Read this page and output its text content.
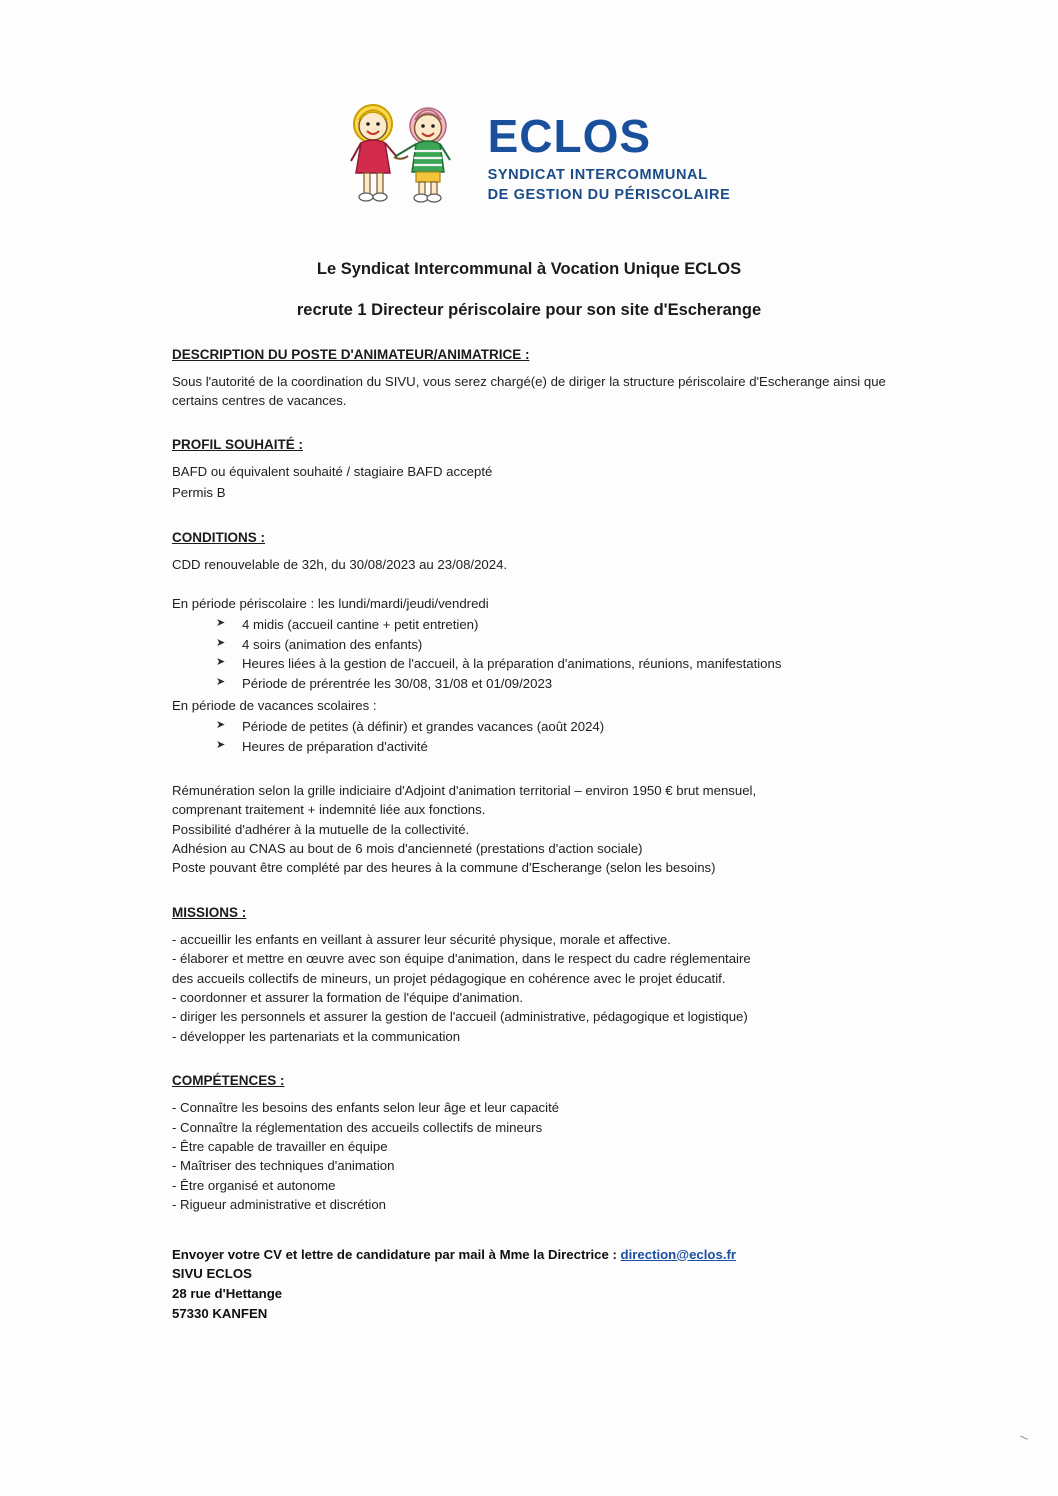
ECLOS
SYNDICAT INTERCOMMUNAL
DE GESTION DU PÉRISCOLAIRE
Le Syndicat Intercommunal à Vocation Unique ECLOS
recrute 1 Directeur périscolaire pour son site d'Escherange
DESCRIPTION DU POSTE D'ANIMATEUR/ANIMATRICE :
Sous l'autorité de la coordination du SIVU, vous serez chargé(e) de diriger la structure périscolaire d'Escherange ainsi que certains centres de vacances.
PROFIL SOUHAITÉ :
BAFD ou équivalent souhaité / stagiaire BAFD accepté
Permis B
CONDITIONS :
CDD renouvelable de 32h, du 30/08/2023 au 23/08/2024.
En période périscolaire : les lundi/mardi/jeudi/vendredi
➤ 4 midis (accueil cantine + petit entretien)
➤ 4 soirs (animation des enfants)
➤ Heures liées à la gestion de l'accueil, à la préparation d'animations, réunions, manifestations
➤ Période de prérentrée les 30/08, 31/08 et 01/09/2023
En période de vacances scolaires :
➤ Période de petites (à définir) et grandes vacances (août 2024)
➤ Heures de préparation d'activité
Rémunération selon la grille indiciaire d'Adjoint d'animation territorial – environ 1950 € brut mensuel,
comprenant traitement + indemnité liée aux fonctions.
Possibilité d'adhérer à la mutuelle de la collectivité.
Adhésion au CNAS au bout de 6 mois d'ancienneté (prestations d'action sociale)
Poste pouvant être complété par des heures à la commune d'Escherange (selon les besoins)
MISSIONS :
- accueillir les enfants en veillant à assurer leur sécurité physique, morale et affective.
- élaborer et mettre en œuvre avec son équipe d'animation, dans le respect du cadre réglementaire
des accueils collectifs de mineurs, un projet pédagogique en cohérence avec le projet éducatif.
- coordonner et assurer la formation de l'équipe d'animation.
- diriger les personnels et assurer la gestion de l'accueil (administrative, pédagogique et logistique)
- développer les partenariats et la communication
COMPÉTENCES :
- Connaître les besoins des enfants selon leur âge et leur capacité
- Connaître la réglementation des accueils collectifs de mineurs
- Être capable de travailler en équipe
- Maîtriser des techniques d'animation
- Être organisé et autonome
- Rigueur administrative et discrétion
Envoyer votre CV et lettre de candidature par mail à Mme la Directrice : direction@eclos.fr
SIVU ECLOS
28 rue d'Hettange
57330 KANFEN
~
